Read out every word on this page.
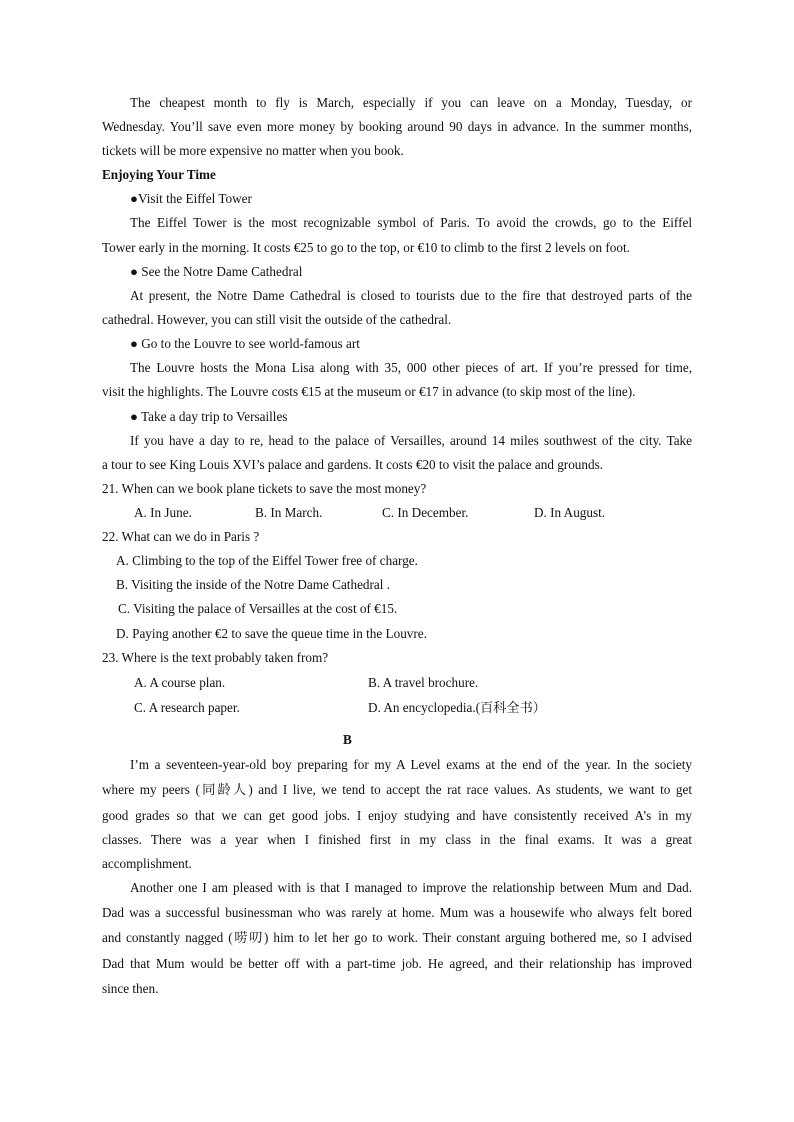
The cheapest month to fly is March, especially if you can leave on a Monday, Tuesday, or
Wednesday. You’ll save even more money by booking around 90 days in advance. In the summer months,
tickets will be more expensive no matter when you book.
Enjoying Your Time
●Visit the Eiffel Tower
The Eiffel Tower is the most recognizable symbol of Paris. To avoid the crowds, go to the Eiffel
Tower early in the morning. It costs €25 to go to the top, or €10 to climb to the first 2 levels on foot.
● See the Notre Dame Cathedral
At present, the Notre Dame Cathedral is closed to tourists due to the fire that destroyed parts of the
cathedral. However, you can still visit the outside of the cathedral.
● Go to the Louvre to see world-famous art
The Louvre hosts the Mona Lisa along with 35, 000 other pieces of art. If you’re pressed for time,
visit the highlights. The Louvre costs €15 at the museum or €17 in advance (to skip most of the line).
● Take a day trip to Versailles
If you have a day to re, head to the palace of Versailles, around 14 miles southwest of the city. Take
a tour to see King Louis XVI’s palace and gardens. It costs €20 to visit the palace and grounds.
21. When can we book plane tickets to save the most money?
A. In June.	B. In March.	C. In December.	D. In August.
22. What can we do in Paris ?
A. Climbing to the top of the Eiffel Tower free of charge.
B. Visiting the inside of the Notre Dame Cathedral .
C. Visiting the palace of Versailles at the cost of €15.
D. Paying another €2 to save the queue time in the Louvre.
23. Where is the text probably taken from?
A. A course plan.	B. A travel brochure.
C. A research paper.	D. An encyclopedia.(百科全书）
B
I’m a seventeen-year-old boy preparing for my A Level exams at the end of the year. In the society
where my peers (同龄人) and I live, we tend to accept the rat race values. As students, we want to get
good grades so that we can get good jobs. I enjoy studying and have consistently received A’s in my
classes. There was a year when I finished first in my class in the final exams. It was a great
accomplishment.
Another one I am pleased with is that I managed to improve the relationship between Mum and Dad.
Dad was a successful businessman who was rarely at home. Mum was a housewife who always felt bored
and constantly nagged (唠叨) him to let her go to work. Their constant arguing bothered me, so I advised
Dad that Mum would be better off with a part-time job. He agreed, and their relationship has improved
since then.
